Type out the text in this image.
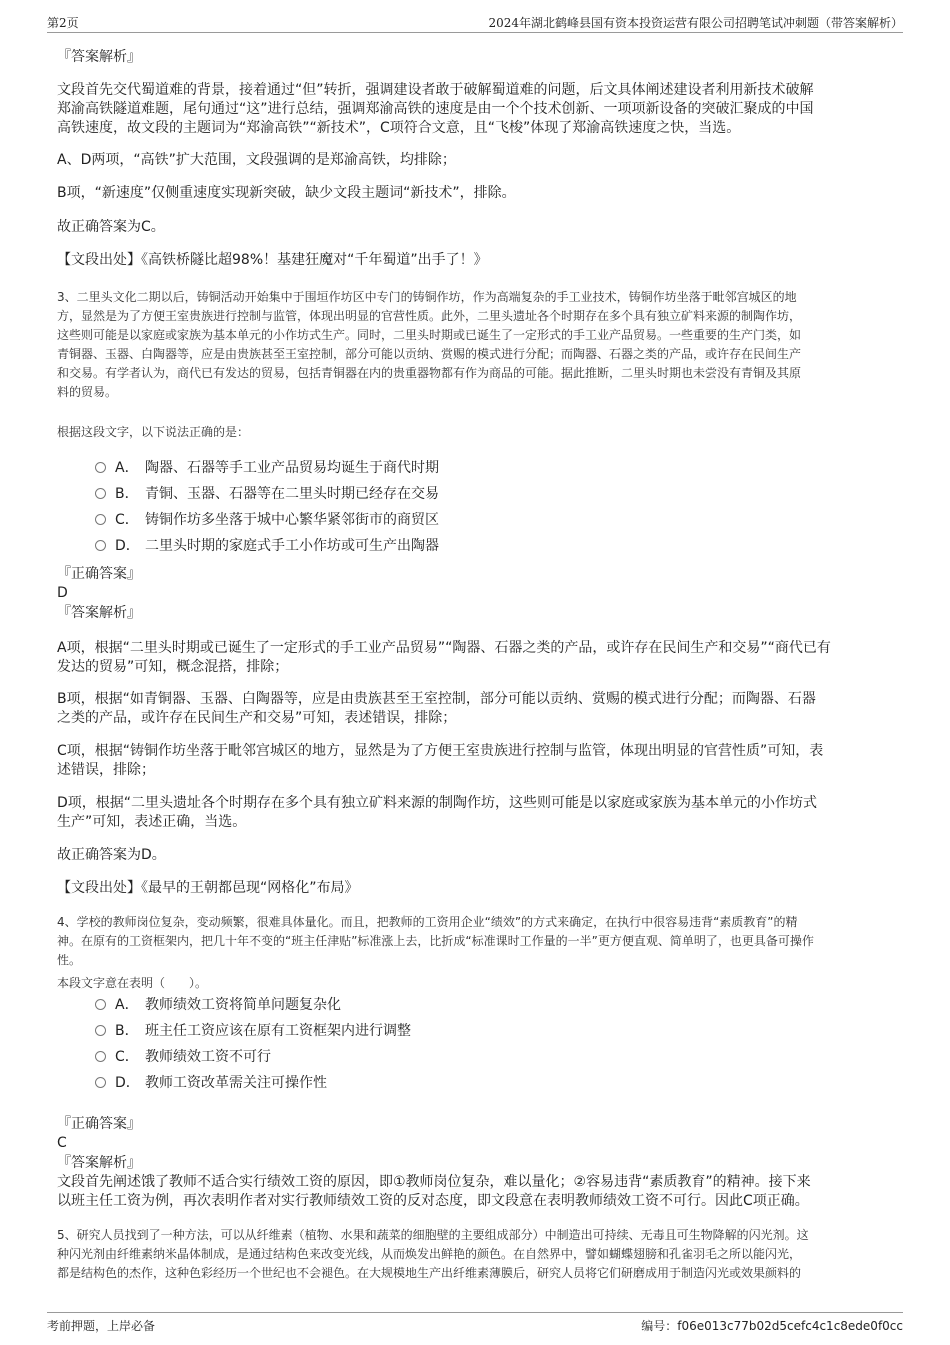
第2页	2024年湖北鹤峰县国有资本投资运营有限公司招聘笔试冲刺题（带答案解析）
『答案解析』
文段首先交代蜀道难的背景，接着通过“但”转折，强调建设者敢于破解蜀道难的问题，后文具体阐述建设者利用新技术破解
郑渝高铁隧道难题，尾句通过“这”进行总结，强调郑渝高铁的速度是由一个个技术创新、一项项新设备的突破汇聚成的中国
高铁速度，故文段的主题词为“郑渝高铁”“新技术”，C项符合文意，且“飞梭”体现了郑渝高铁速度之快，当选。
A、D两项，“高铁”扩大范围，文段强调的是郑渝高铁，均排除；
B项，“新速度”仅侧重速度实现新突破，缺少文段主题词“新技术”，排除。
故正确答案为C。
【文段出处】《高铁桥隧比超98%！基建狂魔对“千年蜀道”出手了！》
3、二里头文化二期以后，铸铜活动开始集中于围垣作坊区中专门的铸铜作坊，作为高端复杂的手工业技术，铸铜作坊坐落于毗邻宫城区的地
方，显然是为了方便王室贵族进行控制与监管，体现出明显的官营性质。此外，二里头遗址各个时期存在多个具有独立矿料来源的制陶作坊，
这些则可能是以家庭或家族为基本单元的小作坊式生产。同时，二里头时期或已诞生了一定形式的手工业产品贸易。一些重要的生产门类，如
青铜器、玉器、白陶器等，应是由贵族甚至王室控制，部分可能以贡纳、赏赐的模式进行分配；而陶器、石器之类的产品，或许存在民间生产
和交易。有学者认为，商代已有发达的贸易，包括青铜器在内的贵重器物都有作为商品的可能。据此推断，二里头时期也未尝没有青铜及其原
料的贸易。
根据这段文字，以下说法正确的是：
A． 陶器、石器等手工业产品贸易均诞生于商代时期
B． 青铜、玉器、石器等在二里头时期已经存在交易
C． 铸铜作坊多坐落于城中心繁华紧邻街市的商贸区
D． 二里头时期的家庭式手工小作坊或可生产出陶器
『正确答案』
D
『答案解析』
A项，根据“二里头时期或已诞生了一定形式的手工业产品贸易”“陶器、石器之类的产品，或许存在民间生产和交易”“商代已有
发达的贸易”可知，概念混搭，排除；
B项，根据“如青铜器、玉器、白陶器等，应是由贵族甚至王室控制，部分可能以贡纳、赏赐的模式进行分配；而陶器、石器
之类的产品，或许存在民间生产和交易”可知，表述错误，排除；
C项，根据“铸铜作坊坐落于毗邻宫城区的地方，显然是为了方便王室贵族进行控制与监管，体现出明显的官营性质”可知，表
述错误，排除；
D项，根据“二里头遗址各个时期存在多个具有独立矿料来源的制陶作坊，这些则可能是以家庭或家族为基本单元的小作坊式
生产”可知，表述正确，当选。
故正确答案为D。
【文段出处】《最早的王朝都邑现“网格化”布局》
4、学校的教师岗位复杂，变动频繁，很难具体量化。而且，把教师的工资用企业“绩效”的方式来确定，在执行中很容易违背“素质教育”的精
神。在原有的工资框架内，把几十年不变的“班主任津贴”标准涨上去，比折成“标准课时工作量的一半”更方便直观、简单明了，也更具备可操作
性。
本段文字意在表明（　　）。
A． 教师绩效工资将简单问题复杂化
B． 班主任工资应该在原有工资框架内进行调整
C． 教师绩效工资不可行
D． 教师工资改革需关注可操作性
『正确答案』
C
『答案解析』
文段首先阐述饿了教师不适合实行绩效工资的原因，即①教师岗位复杂，难以量化；②容易违背“素质教育”的精神。接下来
以班主任工资为例，再次表明作者对实行教师绩效工资的反对态度，即文段意在表明教师绩效工资不可行。因此C项正确。
5、研究人员找到了一种方法，可以从纤维素（植物、水果和蔬菜的细胞壁的主要组成部分）中制造出可持续、无毒且可生物降解的闪光剂。这
种闪光剂由纤维素纳米晶体制成，是通过结构色来改变光线，从而焕发出鲜艳的颜色。在自然界中，譬如蝴蝶翅膀和孔雀羽毛之所以能闪光，
都是结构色的杰作，这种色彩经历一个世纪也不会褪色。在大规模地生产出纤维素薄膜后，研究人员将它们研磨成用于制造闪光或效果颜料的
考前押题，上岸必备	编号：f06e013c77b02d5cefc4c1c8ede0f0cc
